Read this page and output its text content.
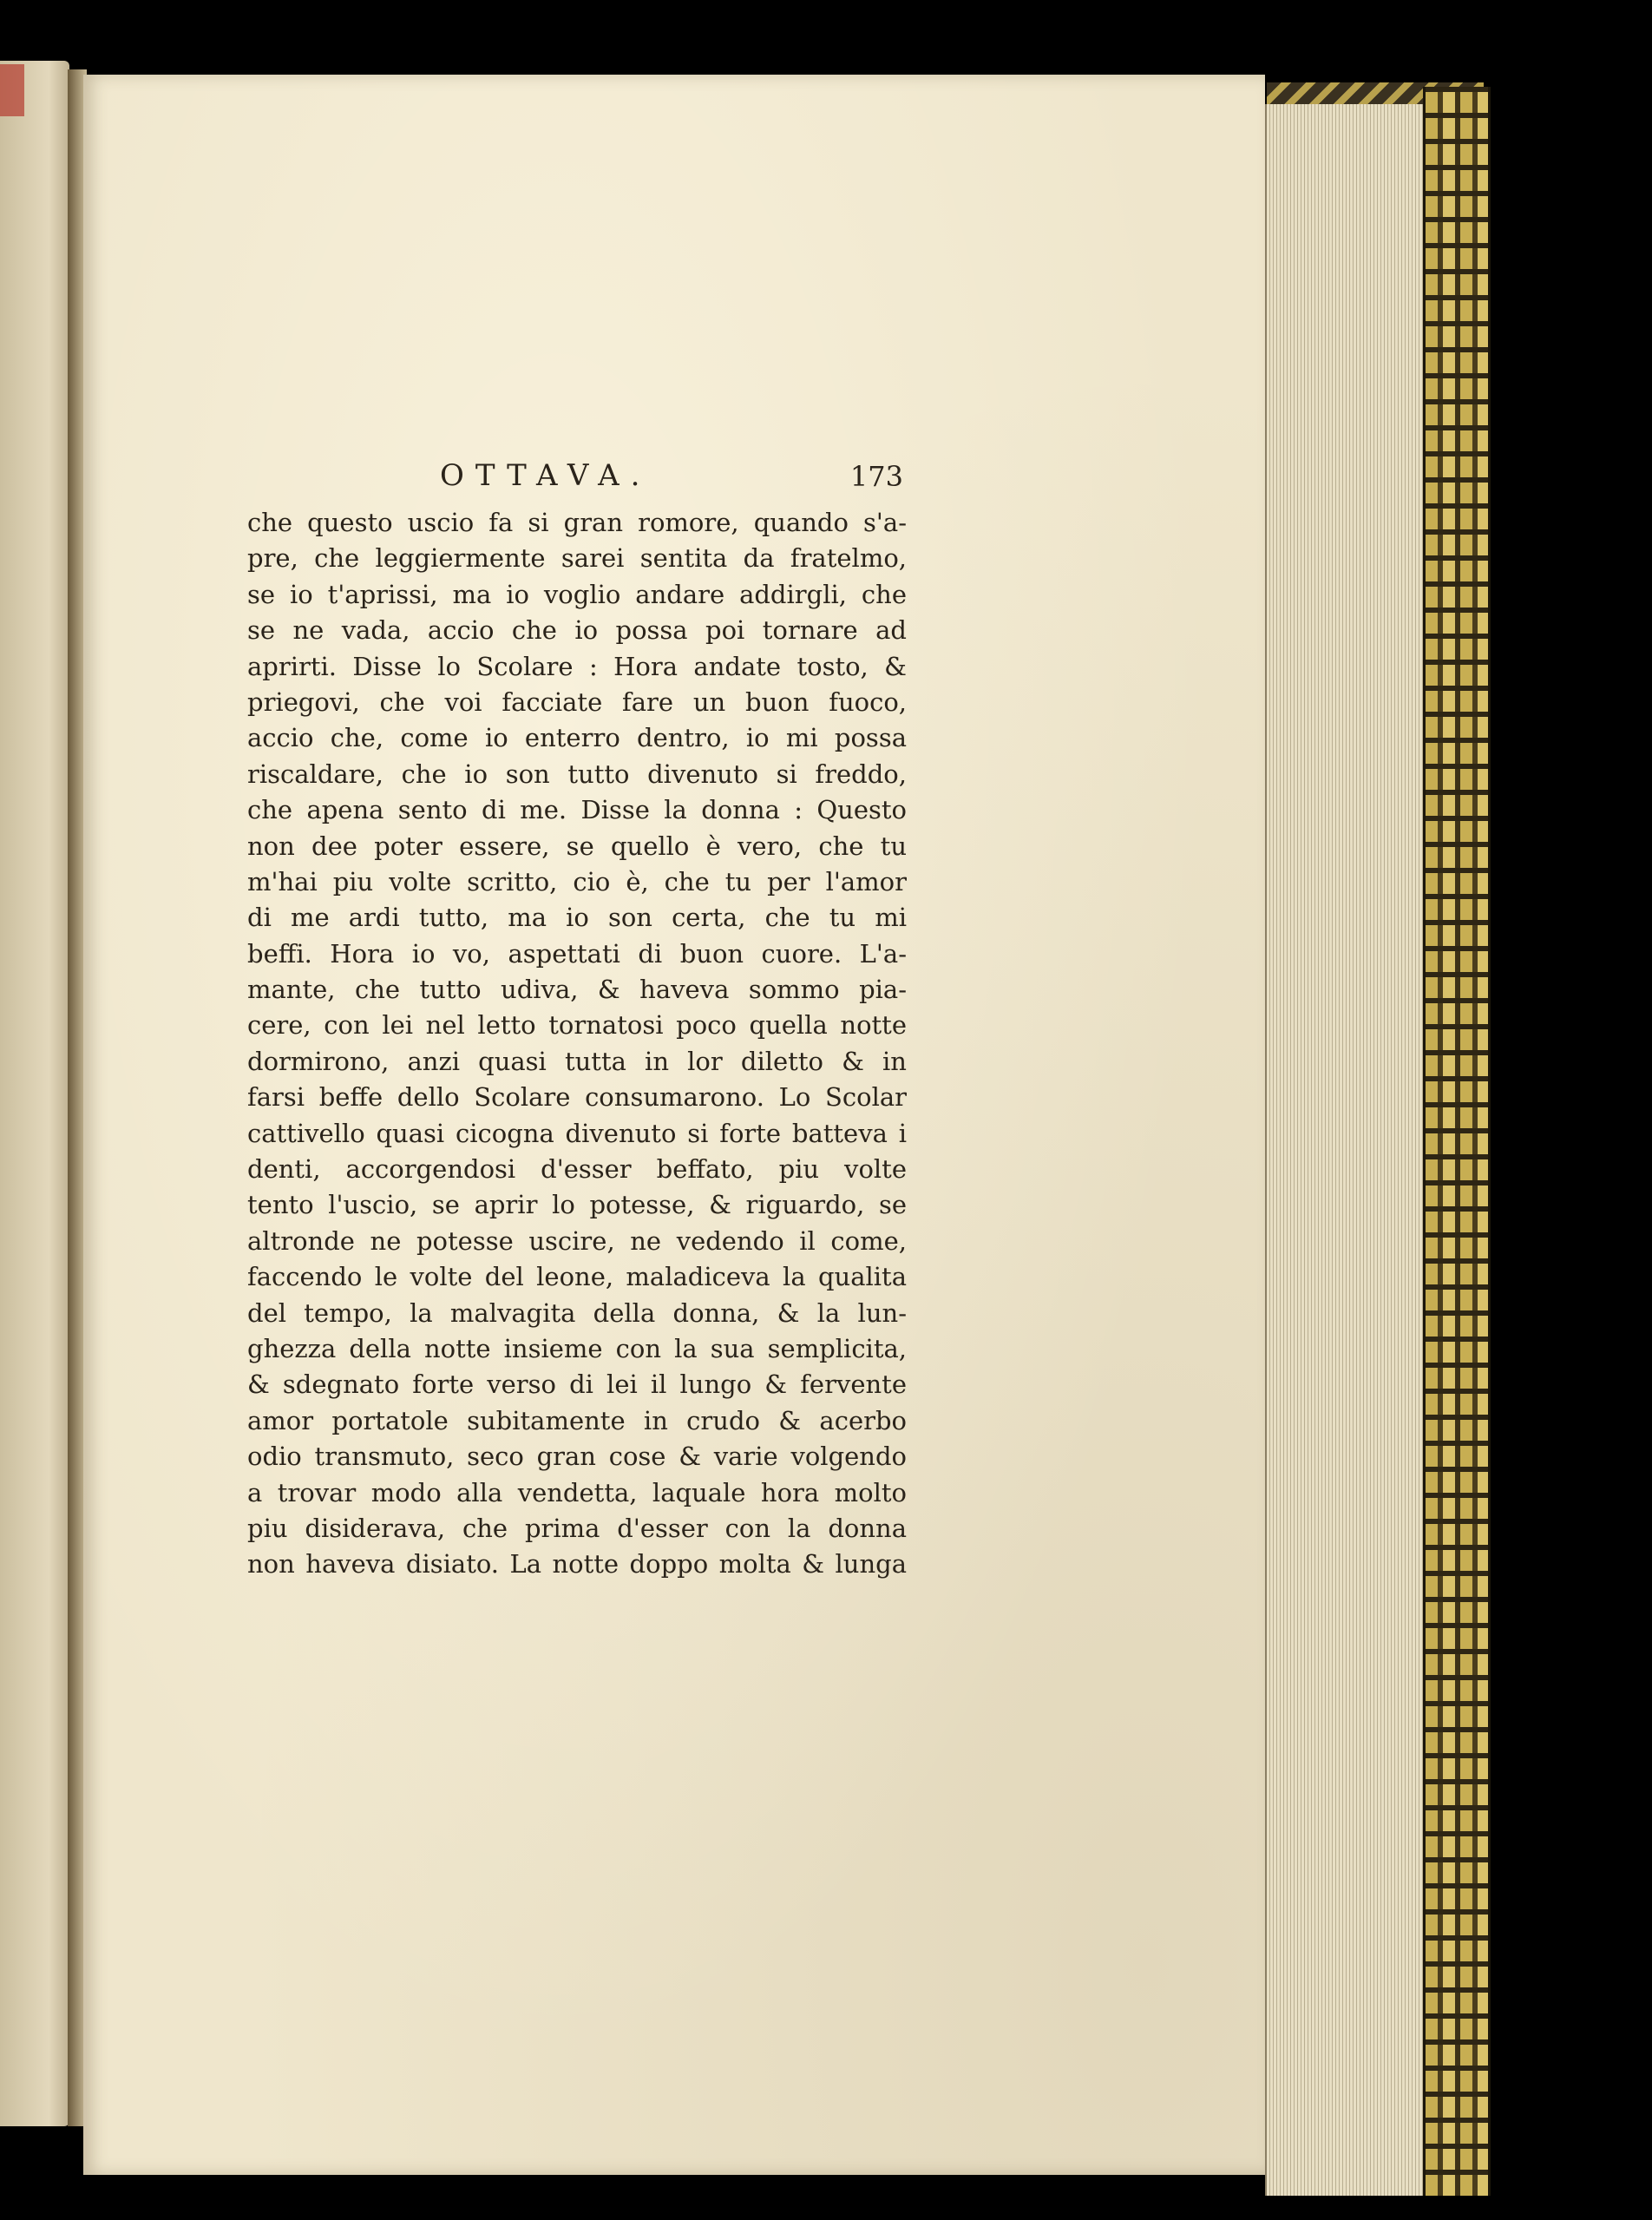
OTTAVA.	173
che questo uscio fa si gran romore, quando s'a-
pre, che leggiermente sarei sentita da fratelmo,
se io t'aprissi, ma io voglio andare addirgli, che
se ne vada, accio che io possa poi tornare ad
aprirti. Disse lo Scolare : Hora andate tosto, &
priegovi, che voi facciate fare un buon fuoco,
accio che, come io enterro dentro, io mi possa
riscaldare, che io son tutto divenuto si freddo,
che apena sento di me. Disse la donna : Questo
non dee poter essere, se quello è vero, che tu
m'hai piu volte scritto, cio è, che tu per l'amor
di me ardi tutto, ma io son certa, che tu mi
beffi. Hora io vo, aspettati di buon cuore. L'a-
mante, che tutto udiva, & haveva sommo pia-
cere, con lei nel letto tornatosi poco quella notte
dormirono, anzi quasi tutta in lor diletto & in
farsi beffe dello Scolare consumarono. Lo Scolar
cattivello quasi cicogna divenuto si forte batteva i
denti, accorgendosi d'esser beffato, piu volte
tento l'uscio, se aprir lo potesse, & riguardo, se
altronde ne potesse uscire, ne vedendo il come,
faccendo le volte del leone, maladiceva la qualita
del tempo, la malvagita della donna, & la lun-
ghezza della notte insieme con la sua semplicita,
& sdegnato forte verso di lei il lungo & fervente
amor portatole subitamente in crudo & acerbo
odio transmuto, seco gran cose & varie volgendo
a trovar modo alla vendetta, laquale hora molto
piu disiderava, che prima d'esser con la donna
non haveva disiato. La notte doppo molta & lunga
